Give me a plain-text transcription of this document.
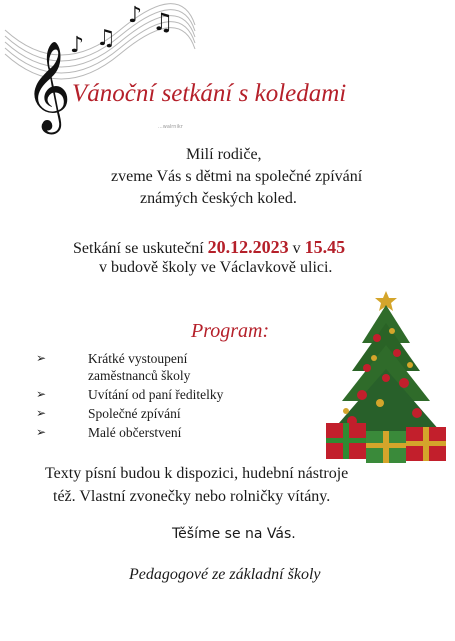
𝄞
♪ ♫
♪ ♫
Vánoční setkání s koledami
...walrnikr
Milí rodiče,
zveme Vás s dětmi na společné zpívání
známých českých koled.
Setkání se uskuteční 20.12.2023 v 15.45
v budově školy ve Václavkově ulici.
Program:
➢	Krátké vystoupení zaměstnanců školy
➢	Uvítání od paní ředitelky
➢	Společné zpívání
➢	Malé občerstvení
Texty písní budou k dispozici, hudební nástroje
též. Vlastní zvonečky nebo rolničky vítány.
Těšíme se na Vás.
Pedagogové ze základní školy
